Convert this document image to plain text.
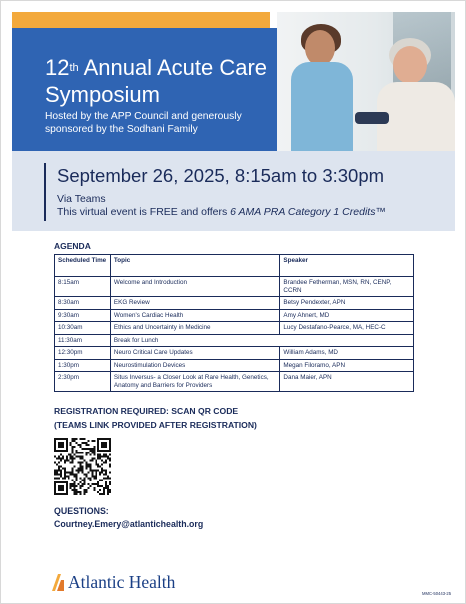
12th Annual Acute Care Symposium
Hosted by the APP Council and generously sponsored by the Sodhani Family
September 26, 2025, 8:15am to 3:30pm
Via Teams
This virtual event is FREE and offers 6 AMA PRA Category 1 Credits™
AGENDA
Scheduled Time	Topic	Speaker
8:15am	Welcome and Introduction	Brandee Fetherman, MSN, RN, CENP, CCRN
8:30am	EKG Review	Betsy Pendexter, APN
9:30am	Women's Cardiac Health	Amy Ahnert, MD
10:30am	Ethics and Uncertainty in Medicine	Lucy Destafano-Pearce, MA, HEC-C
11:30am	Break for Lunch	
12:30pm	Neuro Critical Care Updates	William Adams, MD
1:30pm	Neurostimulation Devices	Megan Filoramo, APN
2:30pm	Situs Inversus- a Closer Look at Rare Health, Genetics, Anatomy and Barriers for Providers	Dana Maier, APN
REGISTRATION REQUIRED: SCAN QR CODE
(TEAMS LINK PROVIDED AFTER REGISTRATION)
QUESTIONS:
Courtney.Emery@atlantichealth.org
Atlantic Health
MMC-50443-25
